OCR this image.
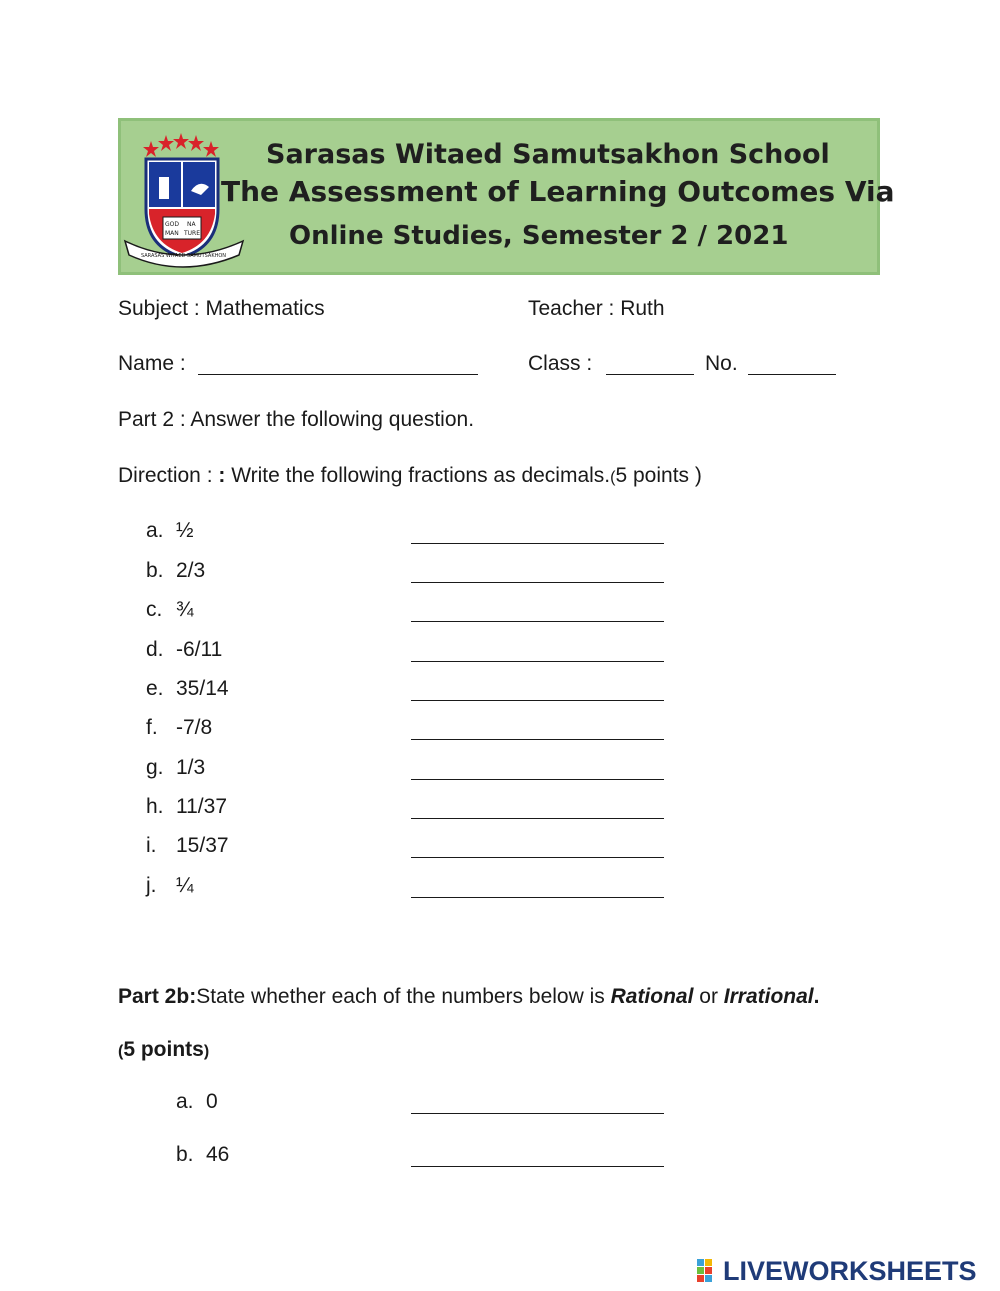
GOD NA
MAN TURE
SARASAS WITAED SAMUTSAKHON
Sarasas Witaed Samutsakhon School
The Assessment of Learning Outcomes Via
Online Studies, Semester 2 / 2021
Subject : Mathematics	Teacher : Ruth
Name :	Class :	No.
Part 2 : Answer the following question.
Direction : : Write the following fractions as decimals.(5 points )
a. ½
b. 2/3
c. ¾
d. -6/11
e. 35/14
f. -7/8
g. 1/3
h. 11/37
i. 15/37
j. ¼
Part 2b:State whether each of the numbers below is Rational or Irrational.
(5 points)
a. 0
b. 46
LIVEWORKSHEETS
